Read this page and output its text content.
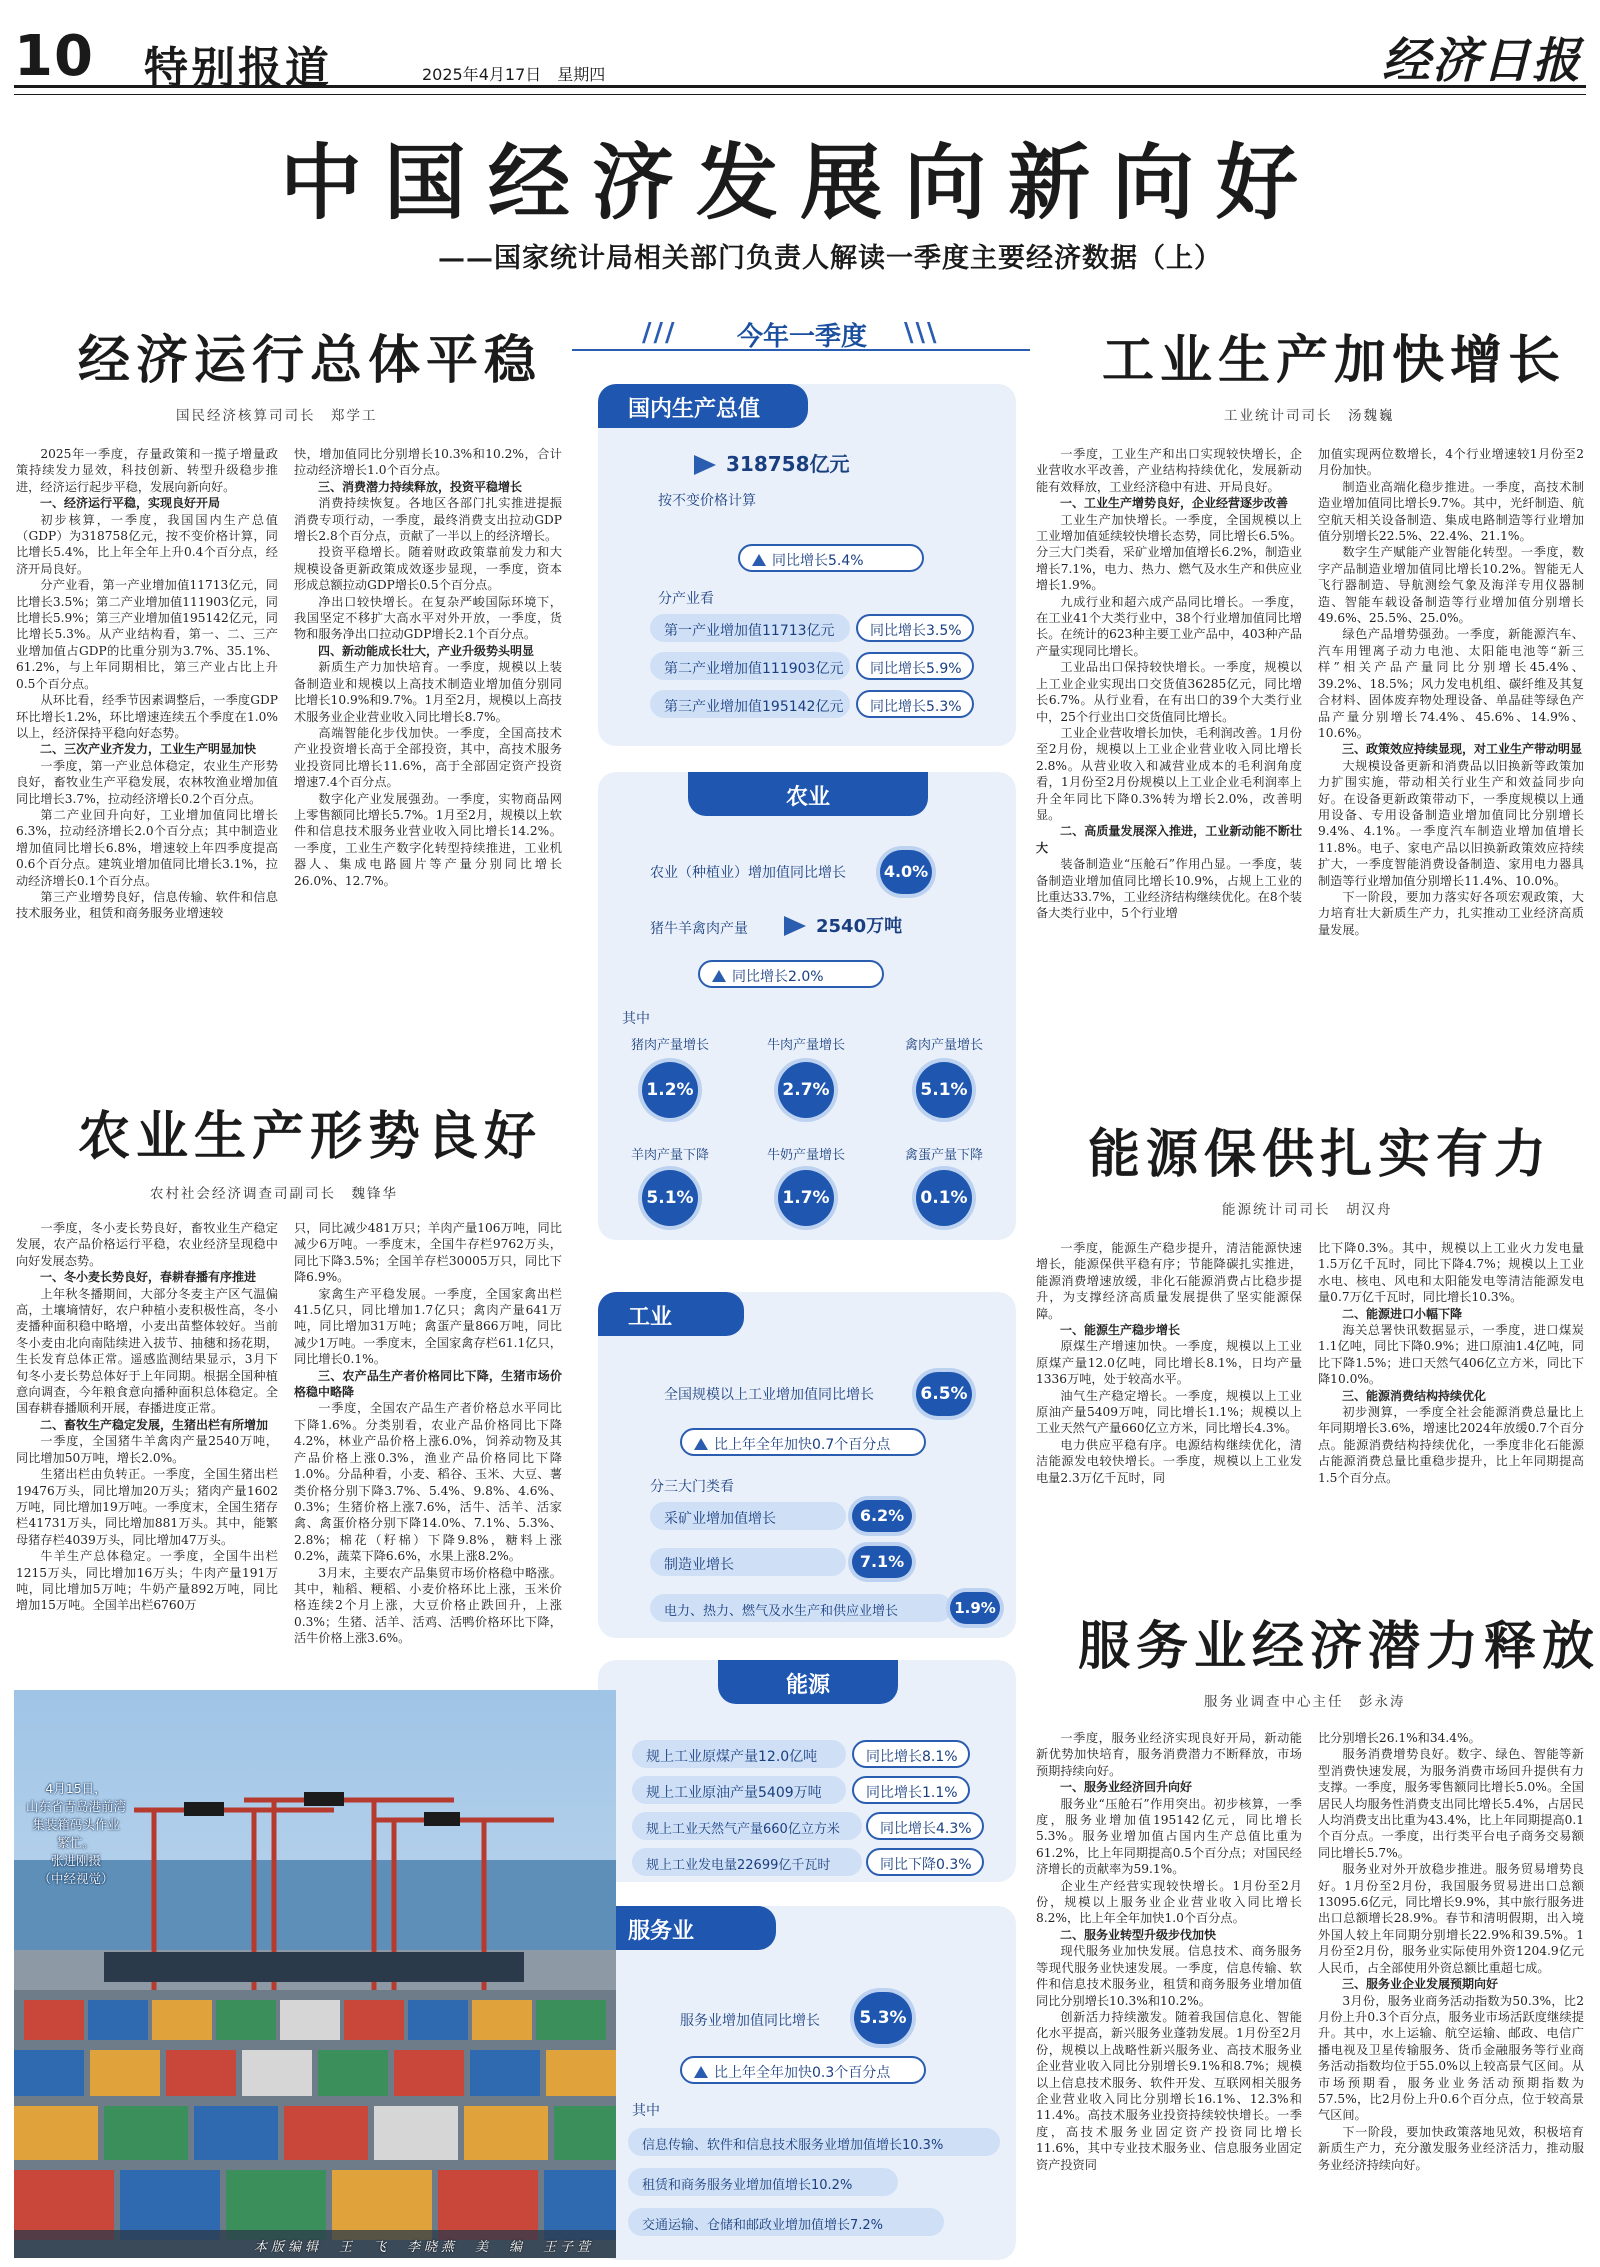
10 特别报道	2025年4月17日　星期四	经济日报
中国经济发展向新向好
——国家统计局相关部门负责人解读一季度主要经济数据（上）
经济运行总体平稳
国民经济核算司司长　郑学工
工业生产加快增长
工业统计司司长　汤魏巍
农业生产形势良好
农村社会经济调查司副司长　魏锋华
能源保供扎实有力
能源统计司司长　胡汉舟
服务业经济潜力释放
服务业调查中心主任　彭永涛

2025年一季度，存量政策和一揽子增量政策持续发力显效，科技创新、转型升级稳步推进，经济运行起步平稳，发展向新向好。

一、经济运行平稳，实现良好开局

初步核算，一季度，我国国内生产总值（GDP）为318758亿元，按不变价格计算，同比增长5.4%，比上年全年上升0.4个百分点，经济开局良好。

分产业看，第一产业增加值11713亿元，同比增长3.5%；第二产业增加值111903亿元，同比增长5.9%；第三产业增加值195142亿元，同比增长5.3%。从产业结构看，第一、二、三产业增加值占GDP的比重分别为3.7%、35.1%、61.2%，与上年同期相比，第三产业占比上升0.5个百分点。

从环比看，经季节因素调整后，一季度GDP环比增长1.2%，环比增速连续五个季度在1.0%以上，经济保持平稳向好态势。

二、三次产业齐发力，工业生产明显加快

一季度，第一产业总体稳定，农业生产形势良好，畜牧业生产平稳发展，农林牧渔业增加值同比增长3.7%，拉动经济增长0.2个百分点。

第二产业回升向好，工业增加值同比增长6.3%，拉动经济增长2.0个百分点；其中制造业增加值同比增长6.8%，增速较上年四季度提高0.6个百分点。建筑业增加值同比增长3.1%，拉动经济增长0.1个百分点。

第三产业增势良好，信息传输、软件和信息技术服务业，租赁和商务服务业增速较

快，增加值同比分别增长10.3%和10.2%，合计拉动经济增长1.0个百分点。

三、消费潜力持续释放，投资平稳增长

消费持续恢复。各地区各部门扎实推进提振消费专项行动，一季度，最终消费支出拉动GDP增长2.8个百分点，贡献了一半以上的经济增长。

投资平稳增长。随着财政政策靠前发力和大规模设备更新政策成效逐步显现，一季度，资本形成总额拉动GDP增长0.5个百分点。

净出口较快增长。在复杂严峻国际环境下，我国坚定不移扩大高水平对外开放，一季度，货物和服务净出口拉动GDP增长2.1个百分点。

四、新动能成长壮大，产业升级势头明显

新质生产力加快培育。一季度，规模以上装备制造业和规模以上高技术制造业增加值分别同比增长10.9%和9.7%。1月至2月，规模以上高技术服务业企业营业收入同比增长8.7%。

高端智能化步伐加快。一季度，全国高技术产业投资增长高于全部投资，其中，高技术服务业投资同比增长11.6%，高于全部固定资产投资增速7.4个百分点。

数字化产业发展强劲。一季度，实物商品网上零售额同比增长5.7%。1月至2月，规模以上软件和信息技术服务业营业收入同比增长14.2%。一季度，工业生产数字化转型持续推进，工业机器人、集成电路圆片等产量分别同比增长26.0%、12.7%。

一季度，工业生产和出口实现较快增长，企业营收水平改善，产业结构持续优化，发展新动能有效释放，工业经济稳中有进、开局良好。

一、工业生产增势良好，企业经营逐步改善

工业生产加快增长。一季度，全国规模以上工业增加值延续较快增长态势，同比增长6.5%。分三大门类看，采矿业增加值增长6.2%，制造业增长7.1%，电力、热力、燃气及水生产和供应业增长1.9%。

九成行业和超六成产品同比增长。一季度，在工业41个大类行业中，38个行业增加值同比增长。在统计的623种主要工业产品中，403种产品产量实现同比增长。

工业品出口保持较快增长。一季度，规模以上工业企业实现出口交货值36285亿元，同比增长6.7%。从行业看，在有出口的39个大类行业中，25个行业出口交货值同比增长。

工业企业营收增长加快，毛利润改善。1月份至2月份，规模以上工业企业营业收入同比增长2.8%。从营业收入和减营业成本的毛利润角度看，1月份至2月份规模以上工业企业毛利润率上升全年同比下降0.3%转为增长2.0%，改善明显。

二、高质量发展深入推进，工业新动能不断壮大

装备制造业“压舱石”作用凸显。一季度，装备制造业增加值同比增长10.9%，占规上工业的比重达33.7%，工业经济结构继续优化。在8个装备大类行业中，5个行业增

加值实现两位数增长，4个行业增速较1月份至2月份加快。

制造业高端化稳步推进。一季度，高技术制造业增加值同比增长9.7%。其中，光纤制造、航空航天相关设备制造、集成电路制造等行业增加值分别增长22.5%、22.4%、21.1%。

数字生产赋能产业智能化转型。一季度，数字产品制造业增加值同比增长10.2%。智能无人飞行器制造、导航测绘气象及海洋专用仪器制造、智能车载设备制造等行业增加值分别增长49.6%、25.5%、25.0%。

绿色产品增势强劲。一季度，新能源汽车、汽车用锂离子动力电池、太阳能电池等“新三样”相关产品产量同比分别增长45.4%、39.2%、18.5%；风力发电机组、碳纤维及其复合材料、固体废弃物处理设备、单晶硅等绿色产品产量分别增长74.4%、45.6%、14.9%、10.6%。

三、政策效应持续显现，对工业生产带动明显

大规模设备更新和消费品以旧换新等政策加力扩围实施，带动相关行业生产和效益同步向好。在设备更新政策带动下，一季度规模以上通用设备、专用设备制造业增加值同比分别增长9.4%、4.1%。一季度汽车制造业增加值增长11.8%。电子、家电产品以旧换新政策效应持续扩大，一季度智能消费设备制造、家用电力器具制造等行业增加值分别增长11.4%、10.0%。

下一阶段，要加力落实好各项宏观政策，大力培育壮大新质生产力，扎实推动工业经济高质量发展。

一季度，冬小麦长势良好，畜牧业生产稳定发展，农产品价格运行平稳，农业经济呈现稳中向好发展态势。

一、冬小麦长势良好，春耕春播有序推进

上年秋冬播期间，大部分冬麦主产区气温偏高，土壤墒情好，农户种植小麦积极性高，冬小麦播种面积稳中略增，小麦出苗整体较好。当前冬小麦由北向南陆续进入拔节、抽穗和扬花期，生长发育总体正常。遥感监测结果显示，3月下旬冬小麦长势总体好于上年同期。根据全国种植意向调查，今年粮食意向播种面积总体稳定。全国春耕春播顺利开展，春播进度正常。

二、畜牧生产稳定发展，生猪出栏有所增加

一季度，全国猪牛羊禽肉产量2540万吨，同比增加50万吨，增长2.0%。

生猪出栏由负转正。一季度，全国生猪出栏19476万头，同比增加20万头；猪肉产量1602万吨，同比增加19万吨。一季度末，全国生猪存栏41731万头，同比增加881万头。其中，能繁母猪存栏4039万头，同比增加47万头。

牛羊生产总体稳定。一季度，全国牛出栏1215万头，同比增加16万头；牛肉产量191万吨，同比增加5万吨；牛奶产量892万吨，同比增加15万吨。全国羊出栏6760万

只，同比减少481万只；羊肉产量106万吨，同比减少6万吨。一季度末，全国牛存栏9762万头，同比下降3.5%；全国羊存栏30005万只，同比下降6.9%。

家禽生产平稳发展。一季度，全国家禽出栏41.5亿只，同比增加1.7亿只；禽肉产量641万吨，同比增加31万吨；禽蛋产量866万吨，同比减少1万吨。一季度末，全国家禽存栏61.1亿只，同比增长0.1%。

三、农产品生产者价格同比下降，生猪市场价格稳中略降

一季度，全国农产品生产者价格总水平同比下降1.6%。分类别看，农业产品价格同比下降4.2%，林业产品价格上涨6.0%，饲养动物及其产品价格上涨0.3%，渔业产品价格同比下降1.0%。分品种看，小麦、稻谷、玉米、大豆、薯类价格分别下降3.7%、5.4%、9.8%、4.6%、0.3%；生猪价格上涨7.6%，活牛、活羊、活家禽、禽蛋价格分别下降14.0%、7.1%、5.3%、2.8%；棉花（籽棉）下降9.8%，糖料上涨0.2%，蔬菜下降6.6%，水果上涨8.2%。

3月末，主要农产品集贸市场价格稳中略涨。其中，籼稻、粳稻、小麦价格环比上涨，玉米价格连续2个月上涨，大豆价格止跌回升，上涨0.3%；生猪、活羊、活鸡、活鸭价格环比下降，活牛价格上涨3.6%。

一季度，能源生产稳步提升，清洁能源快速增长，能源保供平稳有序；节能降碳扎实推进，能源消费增速放缓，非化石能源消费占比稳步提升，为支撑经济高质量发展提供了坚实能源保障。

一、能源生产稳步增长

原煤生产增速加快。一季度，规模以上工业原煤产量12.0亿吨，同比增长8.1%，日均产量1336万吨，处于较高水平。

油气生产稳定增长。一季度，规模以上工业原油产量5409万吨，同比增长1.1%；规模以上工业天然气产量660亿立方米，同比增长4.3%。

电力供应平稳有序。电源结构继续优化，清洁能源发电较快增长。一季度，规模以上工业发电量2.3万亿千瓦时，同

比下降0.3%。其中，规模以上工业火力发电量1.5万亿千瓦时，同比下降4.7%；规模以上工业水电、核电、风电和太阳能发电等清洁能源发电量0.7万亿千瓦时，同比增长10.3%。

二、能源进口小幅下降

海关总署快讯数据显示，一季度，进口煤炭1.1亿吨，同比下降0.9%；进口原油1.4亿吨，同比下降1.5%；进口天然气406亿立方米，同比下降10.0%。

三、能源消费结构持续优化

初步测算，一季度全社会能源消费总量比上年同期增长3.6%，增速比2024年放缓0.7个百分点。能源消费结构持续优化，一季度非化石能源占能源消费总量比重稳步提升，比上年同期提高1.5个百分点。

一季度，服务业经济实现良好开局，新动能新优势加快培育，服务消费潜力不断释放，市场预期持续向好。

一、服务业经济回升向好

服务业“压舱石”作用突出。初步核算，一季度，服务业增加值195142亿元，同比增长5.3%。服务业增加值占国内生产总值比重为61.2%，比上年同期提高0.5个百分点；对国民经济增长的贡献率为59.1%。

企业生产经营实现较快增长。1月份至2月份，规模以上服务业企业营业收入同比增长8.2%，比上年全年加快1.0个百分点。

二、服务业转型升级步伐加快

现代服务业加快发展。信息技术、商务服务等现代服务业快速发展。一季度，信息传输、软件和信息技术服务业，租赁和商务服务业增加值同比分别增长10.3%和10.2%。

创新活力持续激发。随着我国信息化、智能化水平提高，新兴服务业蓬勃发展。1月份至2月份，规模以上战略性新兴服务业、高技术服务业企业营业收入同比分别增长9.1%和8.7%；规模以上信息技术服务、软件开发、互联网相关服务企业营业收入同比分别增长16.1%、12.3%和11.4%。高技术服务业投资持续较快增长。一季度，高技术服务业固定资产投资同比增长11.6%，其中专业技术服务业、信息服务业固定资产投资同

比分别增长26.1%和34.4%。

服务消费增势良好。数字、绿色、智能等新型消费快速发展，为服务消费市场回升提供有力支撑。一季度，服务零售额同比增长5.0%。全国居民人均服务性消费支出同比增长5.4%，占居民人均消费支出比重为43.4%，比上年同期提高0.1个百分点。一季度，出行类平台电子商务交易额同比增长5.7%。

服务业对外开放稳步推进。服务贸易增势良好。1月份至2月份，我国服务贸易进出口总额13095.6亿元，同比增长9.9%，其中旅行服务进出口总额增长28.9%。春节和清明假期，出入境外国人较上年同期分别增长22.9%和39.5%。1月份至2月份，服务业实际使用外资1204.9亿元人民币，占全部使用外资总额比重超七成。

三、服务业企业发展预期向好

3月份，服务业商务活动指数为50.3%，比2月份上升0.3个百分点，服务业市场活跃度继续提升。其中，水上运输、航空运输、邮政、电信广播电视及卫星传输服务、货币金融服务等行业商务活动指数均位于55.0%以上较高景气区间。从市场预期看，服务业业务活动预期指数为57.5%，比2月份上升0.6个百分点，位于较高景气区间。

下一阶段，要加快政策落地见效，积极培育新质生产力，充分激发服务业经济活力，推动服务业经济持续向好。

///	今年一季度	\\\
国内生产总值
318758亿元
按不变价格计算
同比增长5.4%
分产业看
第一产业增加值11713亿元	同比增长3.5%
第二产业增加值111903亿元	同比增长5.9%
第三产业增加值195142亿元	同比增长5.3%
农业
农业（种植业）增加值同比增长 4.0%
猪牛羊禽肉产量	2540万吨
同比增长2.0%
其中
猪肉产量增长
1.2%
牛肉产量增长
2.7%
禽肉产量增长
5.1%
羊肉产量下降
5.1%
牛奶产量增长
1.7%
禽蛋产量下降
0.1%
工业
全国规模以上工业增加值同比增长	6.5%
比上年全年加快0.7个百分点
分三大门类看
采矿业增加值增长	6.2%
制造业增长	7.1%
电力、热力、燃气及水生产和供应业增长	1.9%
能源
规上工业原煤产量12.0亿吨	同比增长8.1%
规上工业原油产量5409万吨	同比增长1.1%
规上工业天然气产量660亿立方米	同比增长4.3%
规上工业发电量22699亿千瓦时	同比下降0.3%
服务业
服务业增加值同比增长	5.3%
比上年全年加快0.3个百分点
其中
信息传输、软件和信息技术服务业增加值增长10.3%
租赁和商务服务业增加值增长10.2%
交通运输、仓储和邮政业增加值增长7.2%
4月15日，
山东省青岛港前湾
集装箱码头作业
繁忙。
张进刚摄
（中经视觉）
本版编辑　王　飞　李晓燕　美　编　王子萱
